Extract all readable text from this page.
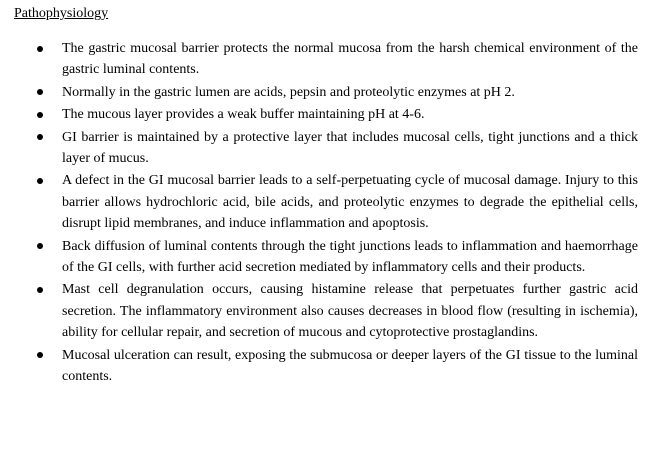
Pathophysiology
The gastric mucosal barrier protects the normal mucosa from the harsh chemical environment of the gastric luminal contents.
Normally in the gastric lumen are acids, pepsin and proteolytic enzymes at pH 2.
The mucous layer provides a weak buffer maintaining pH at 4-6.
GI barrier is maintained by a protective layer that includes mucosal cells, tight junctions and a thick layer of mucus.
A defect in the GI mucosal barrier leads to a self-perpetuating cycle of mucosal damage. Injury to this barrier allows hydrochloric acid, bile acids, and proteolytic enzymes to degrade the epithelial cells, disrupt lipid membranes, and induce inflammation and apoptosis.
Back diffusion of luminal contents through the tight junctions leads to inflammation and haemorrhage of the GI cells, with further acid secretion mediated by inflammatory cells and their products.
Mast cell degranulation occurs, causing histamine release that perpetuates further gastric acid secretion. The inflammatory environment also causes decreases in blood flow (resulting in ischemia), ability for cellular repair, and secretion of mucous and cytoprotective prostaglandins.
Mucosal ulceration can result, exposing the submucosa or deeper layers of the GI tissue to the luminal contents.
